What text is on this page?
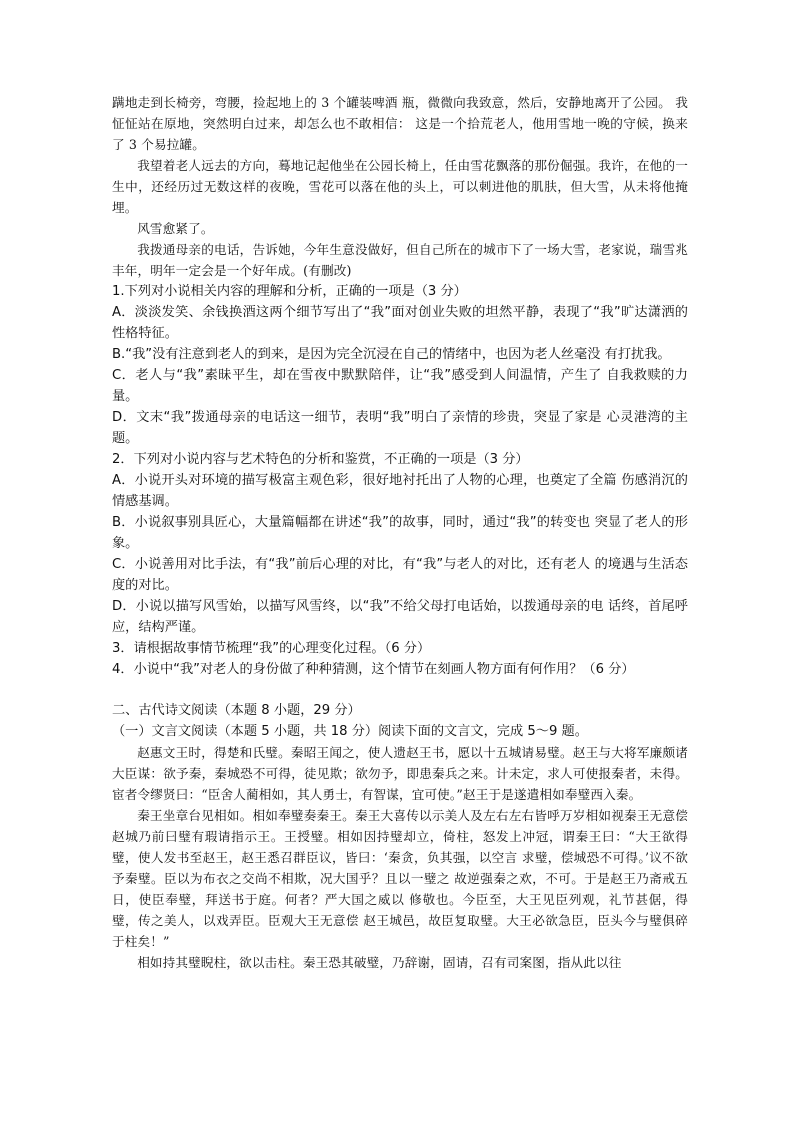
蹒地走到长椅旁，弯腰，捡起地上的 3 个罐装啤酒 瓶，微微向我致意，然后，安静地离开了公园。 我怔怔站在原地，突然明白过来，却怎么也不敢相信： 这是一个拾荒老人，他用雪地一晚的守候，换来了 3 个易拉罐。

我望着老人远去的方向，蓦地记起他坐在公园长椅上，任由雪花飘落的那份倔强。我许，在他的一生中，还经历过无数这样的夜晚，雪花可以落在他的头上，可以刺进他的肌肤，但大雪，从未将他掩埋。

风雪愈紧了。

我拨通母亲的电话，告诉她，今年生意没做好，但自己所在的城市下了一场大雪，老家说，瑞雪兆丰年，明年一定会是一个好年成。(有删改)

1.下列对小说相关内容的理解和分析，正确的一项是（3 分）

A．淡淡发笑、余钱换酒这两个细节写出了“我”面对创业失败的坦然平静，表现了“我”旷达潇洒的性格特征。

B.“我”没有注意到老人的到来，是因为完全沉浸在自己的情绪中，也因为老人丝毫没 有打扰我。

C．老人与“我”素昧平生，却在雪夜中默默陪伴，让“我”感受到人间温情，产生了 自我救赎的力量。

D．文末“我”拨通母亲的电话这一细节，表明“我”明白了亲情的珍贵，突显了家是 心灵港湾的主题。

2．下列对小说内容与艺术特色的分析和鉴赏，不正确的一项是（3 分）

A．小说开头对环境的描写极富主观色彩，很好地衬托出了人物的心理，也奠定了全篇 伤感消沉的情感基调。

B．小说叙事别具匠心，大量篇幅都在讲述“我”的故事，同时，通过“我”的转变也 突显了老人的形象。

C．小说善用对比手法，有“我”前后心理的对比，有“我”与老人的对比，还有老人 的境遇与生活态度的对比。

D．小说以描写风雪始，以描写风雪终，以“我”不给父母打电话始，以拨通母亲的电 话终，首尾呼应，结构严谨。

3．请根据故事情节梳理“我”的心理变化过程。（6 分）

4．小说中“我”对老人的身份做了种种猜测，这个情节在刻画人物方面有何作用？（6 分）

二、古代诗文阅读（本题 8 小题，29 分）

（一）文言文阅读（本题 5 小题，共 18 分）阅读下面的文言文，完成 5～9 题。

赵惠文王时，得楚和氏璧。秦昭王闻之，使人遗赵王书，愿以十五城请易璧。赵王与大将军廉颇诸大臣谋：欲予秦，秦城恐不可得，徒见欺；欲勿予，即患秦兵之来。计未定，求人可使报秦者，未得。宦者令缪贤曰：“臣舍人蔺相如，其人勇士，有智谋，宜可使。”赵王于是遂遣相如奉璧西入秦。

秦王坐章台见相如。相如奉璧奏秦王。秦王大喜传以示美人及左右左右皆呼万岁相如视秦王无意偿赵城乃前曰璧有瑕请指示王。王授璧。相如因持璧却立，倚柱，怒发上冲冠，谓秦王曰：“大王欲得璧，使人发书至赵王，赵王悉召群臣议，皆曰：‘秦贪，负其强，以空言 求璧，偿城恐不可得。’议不欲予秦璧。臣以为布衣之交尚不相欺，况大国乎？且以一璧之 故逆强秦之欢，不可。于是赵王乃斋戒五日，使臣奉璧，拜送书于庭。何者？严大国之威以 修敬也。今臣至，大王见臣列观，礼节甚倨，得璧，传之美人，以戏弄臣。臣观大王无意偿 赵王城邑，故臣复取璧。大王必欲急臣，臣头今与璧俱碎于柱矣！”

相如持其璧睨柱，欲以击柱。秦王恐其破璧，乃辞谢，固请，召有司案图，指从此以往
